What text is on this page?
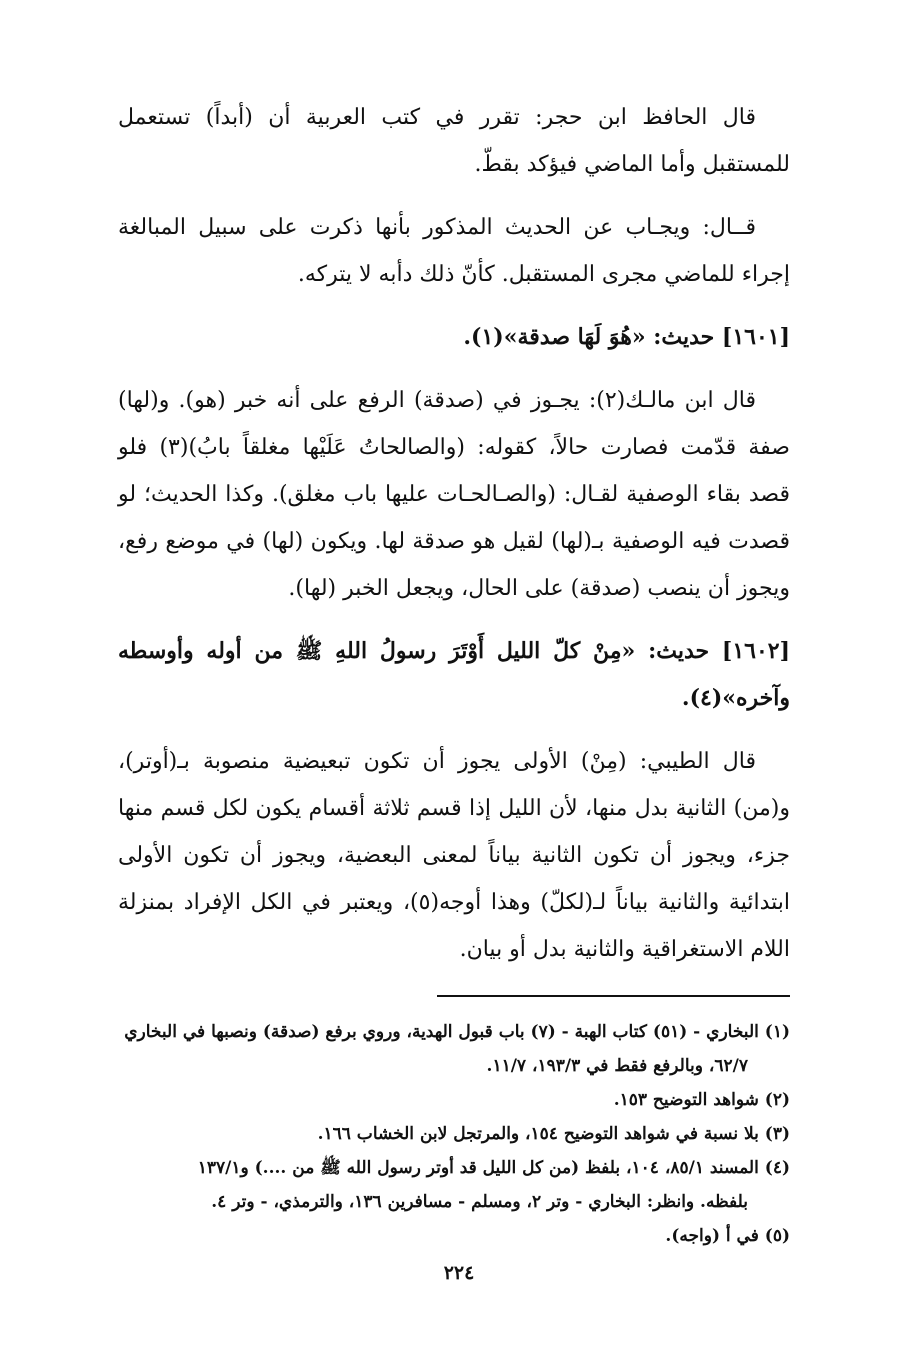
قال الحافظ ابن حجر: تقرر في كتب العربية أن (أبداً) تستعمل للمستقبل وأما الماضي فيؤكد بقطّ.

قــال: ويجـاب عن الحديث المذكور بأنها ذكرت على سبيل المبالغة إجراء للماضي مجرى المستقبل. كأنّ ذلك دأبه لا يتركه.

[١٦٠١] حديث: «هُوَ لَهَا صدقة»(١).

قال ابن مالـك(٢): يجـوز في (صدقة) الرفع على أنه خبر (هو). و(لها) صفة قدّمت فصارت حالاً، كقوله: (والصالحاتُ عَلَيْها مغلقاً بابُ)(٣) فلو قصد بقاء الوصفية لقـال: (والصـالحـات عليها باب مغلق). وكذا الحديث؛ لو قصدت فيه الوصفية بـ(لها) لقيل هو صدقة لها. ويكون (لها) في موضع رفع، ويجوز أن ينصب (صدقة) على الحال، ويجعل الخبر (لها).

[١٦٠٢] حديث: «مِنْ كلّ الليل أَوْتَرَ رسولُ اللهِ ﷺ من أوله وأوسطه وآخره»(٤).

قال الطيبي: (مِنْ) الأولى يجوز أن تكون تبعيضية منصوبة بـ(أوتر)، و(من) الثانية بدل منها، لأن الليل إذا قسم ثلاثة أقسام يكون لكل قسم منها جزء، ويجوز أن تكون الثانية بياناً لمعنى البعضية، ويجوز أن تكون الأولى ابتدائية والثانية بياناً لـ(لكلّ) وهذا أوجه(٥)، ويعتبر في الكل الإفراد بمنزلة اللام الاستغراقية والثانية بدل أو بيان.

(١) البخاري - (٥١) كتاب الهبة - (٧) باب قبول الهدية، وروي برفع (صدقة) ونصبها في البخاري
٦٢/٧، وبالرفع فقط في ١٩٣/٣، ١١/٧.

(٢) شواهد التوضيح ١٥٣.

(٣) بلا نسبة في شواهد التوضيح ١٥٤، والمرتجل لابن الخشاب ١٦٦.

(٤) المسند ٨٥/١، ١٠٤، بلفظ (من كل الليل قد أوتر رسول الله ﷺ من ....) و١٣٧/١
بلفظه. وانظر: البخاري - وتر ٢، ومسلم - مسافرين ١٣٦، والترمذي، - وتر ٤.

(٥) في أ (واجه).

٢٢٤
